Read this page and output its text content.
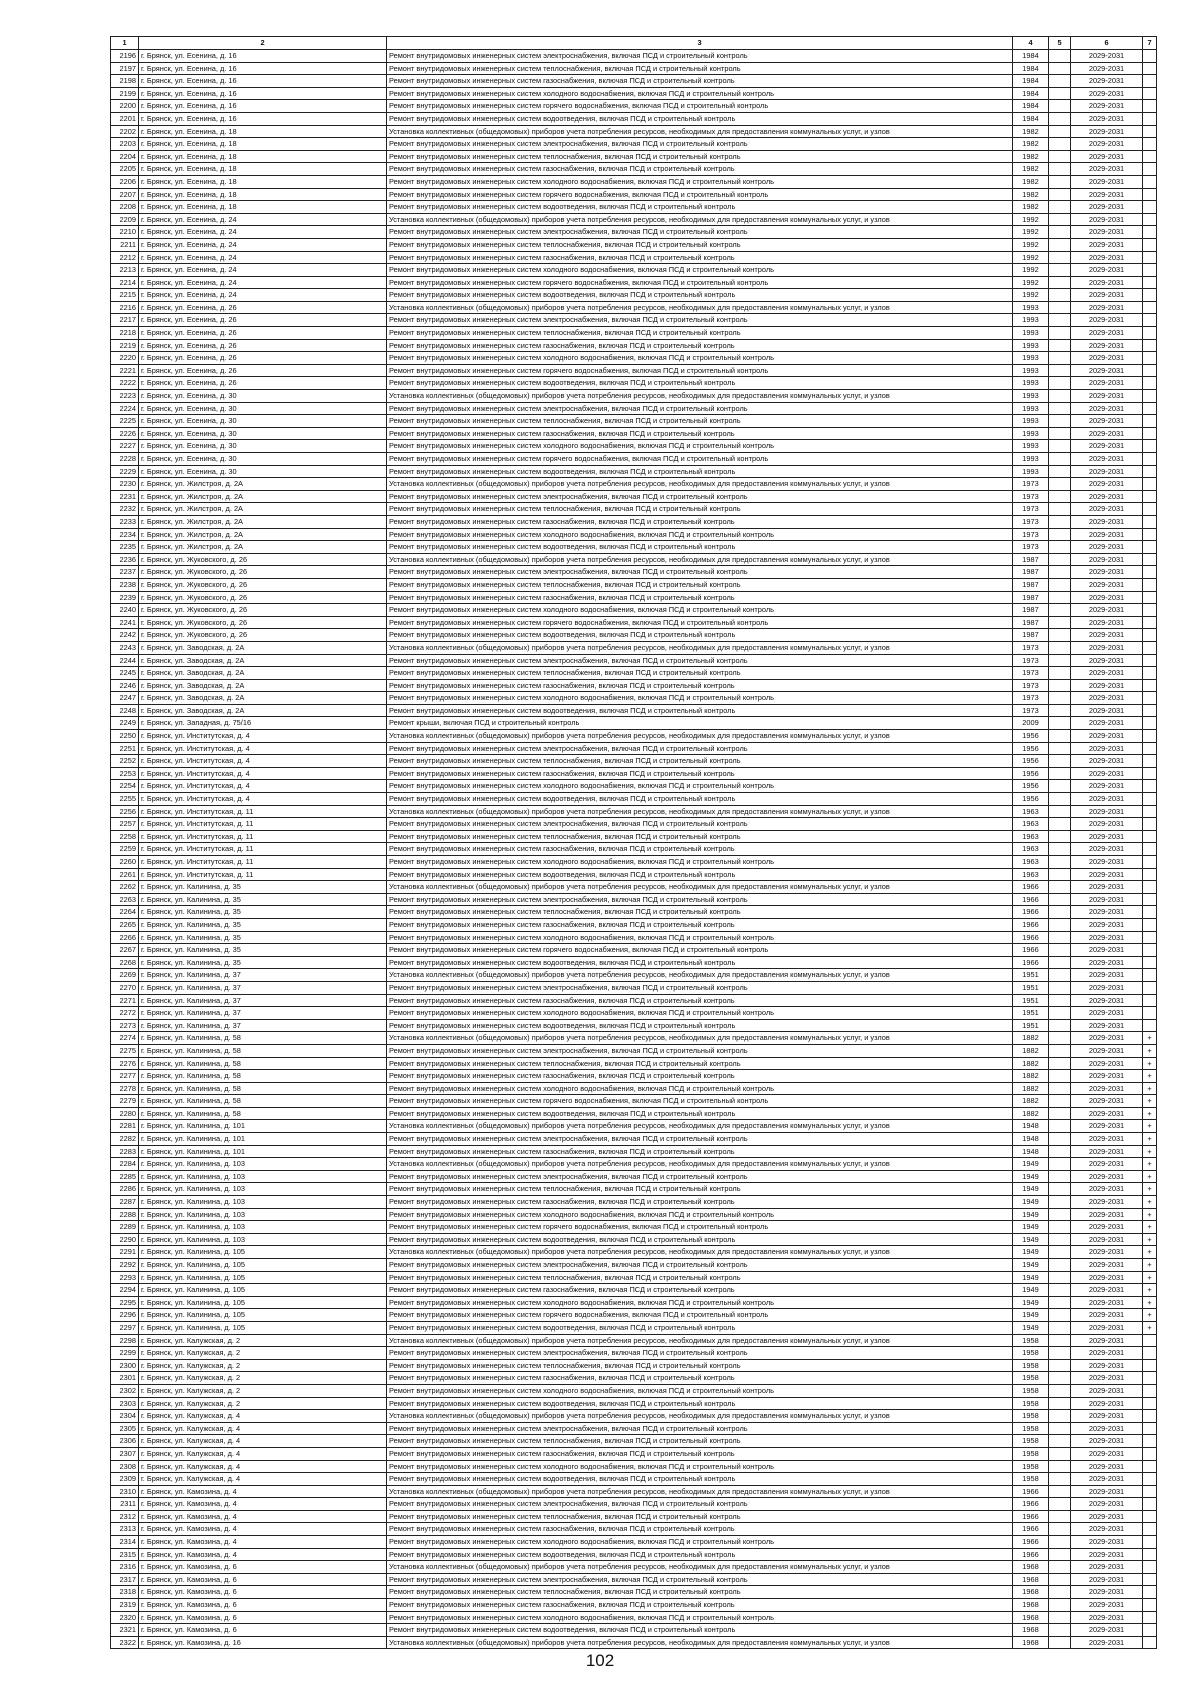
1	2	3	4	5	6	7
2196	г. Брянск, ул. Есенина, д. 16	Ремонт внутридомовых инженерных систем электроснабжения, включая ПСД и строительный контроль	1984		2029-2031	
2197	г. Брянск, ул. Есенина, д. 16	Ремонт внутридомовых инженерных систем теплоснабжения, включая ПСД и строительный контроль	1984		2029-2031	
2198	г. Брянск, ул. Есенина, д. 16	Ремонт внутридомовых инженерных систем газоснабжения, включая ПСД и строительный контроль	1984		2029-2031	
2199	г. Брянск, ул. Есенина, д. 16	Ремонт внутридомовых инженерных систем холодного водоснабжения, включая ПСД и строительный контроль	1984		2029-2031	
2200	г. Брянск, ул. Есенина, д. 16	Ремонт внутридомовых инженерных систем горячего водоснабжения, включая ПСД и строительный контроль	1984		2029-2031	
2201	г. Брянск, ул. Есенина, д. 16	Ремонт внутридомовых инженерных систем водоотведения, включая ПСД и строительный контроль	1984		2029-2031	
2202	г. Брянск, ул. Есенина, д. 18	Установка коллективных (общедомовых) приборов учета потребления ресурсов, необходимых для предоставления коммунальных услуг, и узлов	1982		2029-2031	
2203	г. Брянск, ул. Есенина, д. 18	Ремонт внутридомовых инженерных систем электроснабжения, включая ПСД и строительный контроль	1982		2029-2031	
2204	г. Брянск, ул. Есенина, д. 18	Ремонт внутридомовых инженерных систем теплоснабжения, включая ПСД и строительный контроль	1982		2029-2031	
2205	г. Брянск, ул. Есенина, д. 18	Ремонт внутридомовых инженерных систем газоснабжения, включая ПСД и строительный контроль	1982		2029-2031	
2206	г. Брянск, ул. Есенина, д. 18	Ремонт внутридомовых инженерных систем холодного водоснабжения, включая ПСД и строительный контроль	1982		2029-2031	
2207	г. Брянск, ул. Есенина, д. 18	Ремонт внутридомовых инженерных систем горячего водоснабжения, включая ПСД и строительный контроль	1982		2029-2031	
2208	г. Брянск, ул. Есенина, д. 18	Ремонт внутридомовых инженерных систем водоотведения, включая ПСД и строительный контроль	1982		2029-2031	
2209	г. Брянск, ул. Есенина, д. 24	Установка коллективных (общедомовых) приборов учета потребления ресурсов, необходимых для предоставления коммунальных услуг, и узлов	1992		2029-2031	
2210	г. Брянск, ул. Есенина, д. 24	Ремонт внутридомовых инженерных систем электроснабжения, включая ПСД и строительный контроль	1992		2029-2031	
2211	г. Брянск, ул. Есенина, д. 24	Ремонт внутридомовых инженерных систем теплоснабжения, включая ПСД и строительный контроль	1992		2029-2031	
2212	г. Брянск, ул. Есенина, д. 24	Ремонт внутридомовых инженерных систем газоснабжения, включая ПСД и строительный контроль	1992		2029-2031	
2213	г. Брянск, ул. Есенина, д. 24	Ремонт внутридомовых инженерных систем холодного водоснабжения, включая ПСД и строительный контроль	1992		2029-2031	
2214	г. Брянск, ул. Есенина, д. 24	Ремонт внутридомовых инженерных систем горячего водоснабжения, включая ПСД и строительный контроль	1992		2029-2031	
2215	г. Брянск, ул. Есенина, д. 24	Ремонт внутридомовых инженерных систем водоотведения, включая ПСД и строительный контроль	1992		2029-2031	
2216	г. Брянск, ул. Есенина, д. 26	Установка коллективных (общедомовых) приборов учета потребления ресурсов, необходимых для предоставления коммунальных услуг, и узлов	1993		2029-2031	
2217	г. Брянск, ул. Есенина, д. 26	Ремонт внутридомовых инженерных систем электроснабжения, включая ПСД и строительный контроль	1993		2029-2031	
2218	г. Брянск, ул. Есенина, д. 26	Ремонт внутридомовых инженерных систем теплоснабжения, включая ПСД и строительный контроль	1993		2029-2031	
2219	г. Брянск, ул. Есенина, д. 26	Ремонт внутридомовых инженерных систем газоснабжения, включая ПСД и строительный контроль	1993		2029-2031	
2220	г. Брянск, ул. Есенина, д. 26	Ремонт внутридомовых инженерных систем холодного водоснабжения, включая ПСД и строительный контроль	1993		2029-2031	
2221	г. Брянск, ул. Есенина, д. 26	Ремонт внутридомовых инженерных систем горячего водоснабжения, включая ПСД и строительный контроль	1993		2029-2031	
2222	г. Брянск, ул. Есенина, д. 26	Ремонт внутридомовых инженерных систем водоотведения, включая ПСД и строительный контроль	1993		2029-2031	
2223	г. Брянск, ул. Есенина, д. 30	Установка коллективных (общедомовых) приборов учета потребления ресурсов, необходимых для предоставления коммунальных услуг, и узлов	1993		2029-2031	
2224	г. Брянск, ул. Есенина, д. 30	Ремонт внутридомовых инженерных систем электроснабжения, включая ПСД и строительный контроль	1993		2029-2031	
2225	г. Брянск, ул. Есенина, д. 30	Ремонт внутридомовых инженерных систем теплоснабжения, включая ПСД и строительный контроль	1993		2029-2031	
2226	г. Брянск, ул. Есенина, д. 30	Ремонт внутридомовых инженерных систем газоснабжения, включая ПСД и строительный контроль	1993		2029-2031	
2227	г. Брянск, ул. Есенина, д. 30	Ремонт внутридомовых инженерных систем холодного водоснабжения, включая ПСД и строительный контроль	1993		2029-2031	
2228	г. Брянск, ул. Есенина, д. 30	Ремонт внутридомовых инженерных систем горячего водоснабжения, включая ПСД и строительный контроль	1993		2029-2031	
2229	г. Брянск, ул. Есенина, д. 30	Ремонт внутридомовых инженерных систем водоотведения, включая ПСД и строительный контроль	1993		2029-2031	
2230	г. Брянск, ул. Жилстроя, д. 2А	Установка коллективных (общедомовых) приборов учета потребления ресурсов, необходимых для предоставления коммунальных услуг, и узлов	1973		2029-2031	
2231	г. Брянск, ул. Жилстроя, д. 2А	Ремонт внутридомовых инженерных систем электроснабжения, включая ПСД и строительный контроль	1973		2029-2031	
2232	г. Брянск, ул. Жилстроя, д. 2А	Ремонт внутридомовых инженерных систем теплоснабжения, включая ПСД и строительный контроль	1973		2029-2031	
2233	г. Брянск, ул. Жилстроя, д. 2А	Ремонт внутридомовых инженерных систем газоснабжения, включая ПСД и строительный контроль	1973		2029-2031	
2234	г. Брянск, ул. Жилстроя, д. 2А	Ремонт внутридомовых инженерных систем холодного водоснабжения, включая ПСД и строительный контроль	1973		2029-2031	
2235	г. Брянск, ул. Жилстроя, д. 2А	Ремонт внутридомовых инженерных систем водоотведения, включая ПСД и строительный контроль	1973		2029-2031	
2236	г. Брянск, ул. Жуковского, д. 26	Установка коллективных (общедомовых) приборов учета потребления ресурсов, необходимых для предоставления коммунальных услуг, и узлов	1987		2029-2031	
2237	г. Брянск, ул. Жуковского, д. 26	Ремонт внутридомовых инженерных систем электроснабжения, включая ПСД и строительный контроль	1987		2029-2031	
2238	г. Брянск, ул. Жуковского, д. 26	Ремонт внутридомовых инженерных систем теплоснабжения, включая ПСД и строительный контроль	1987		2029-2031	
2239	г. Брянск, ул. Жуковского, д. 26	Ремонт внутридомовых инженерных систем газоснабжения, включая ПСД и строительный контроль	1987		2029-2031	
2240	г. Брянск, ул. Жуковского, д. 26	Ремонт внутридомовых инженерных систем холодного водоснабжения, включая ПСД и строительный контроль	1987		2029-2031	
2241	г. Брянск, ул. Жуковского, д. 26	Ремонт внутридомовых инженерных систем горячего водоснабжения, включая ПСД и строительный контроль	1987		2029-2031	
2242	г. Брянск, ул. Жуковского, д. 26	Ремонт внутридомовых инженерных систем водоотведения, включая ПСД и строительный контроль	1987		2029-2031	
2243	г. Брянск, ул. Заводская, д. 2А	Установка коллективных (общедомовых) приборов учета потребления ресурсов, необходимых для предоставления коммунальных услуг, и узлов	1973		2029-2031	
2244	г. Брянск, ул. Заводская, д. 2А	Ремонт внутридомовых инженерных систем электроснабжения, включая ПСД и строительный контроль	1973		2029-2031	
2245	г. Брянск, ул. Заводская, д. 2А	Ремонт внутридомовых инженерных систем теплоснабжения, включая ПСД и строительный контроль	1973		2029-2031	
2246	г. Брянск, ул. Заводская, д. 2А	Ремонт внутридомовых инженерных систем газоснабжения, включая ПСД и строительный контроль	1973		2029-2031	
2247	г. Брянск, ул. Заводская, д. 2А	Ремонт внутридомовых инженерных систем холодного водоснабжения, включая ПСД и строительный контроль	1973		2029-2031	
2248	г. Брянск, ул. Заводская, д. 2А	Ремонт внутридомовых инженерных систем водоотведения, включая ПСД и строительный контроль	1973		2029-2031	
2249	г. Брянск, ул. Западная, д. 75/16	Ремонт крыши, включая ПСД и строительный контроль	2009		2029-2031	
2250	г. Брянск, ул. Институтская, д. 4	Установка коллективных (общедомовых) приборов учета потребления ресурсов, необходимых для предоставления коммунальных услуг, и узлов	1956		2029-2031	
2251	г. Брянск, ул. Институтская, д. 4	Ремонт внутридомовых инженерных систем электроснабжения, включая ПСД и строительный контроль	1956		2029-2031	
2252	г. Брянск, ул. Институтская, д. 4	Ремонт внутридомовых инженерных систем теплоснабжения, включая ПСД и строительный контроль	1956		2029-2031	
2253	г. Брянск, ул. Институтская, д. 4	Ремонт внутридомовых инженерных систем газоснабжения, включая ПСД и строительный контроль	1956		2029-2031	
2254	г. Брянск, ул. Институтская, д. 4	Ремонт внутридомовых инженерных систем холодного водоснабжения, включая ПСД и строительный контроль	1956		2029-2031	
2255	г. Брянск, ул. Институтская, д. 4	Ремонт внутридомовых инженерных систем водоотведения, включая ПСД и строительный контроль	1956		2029-2031	
2256	г. Брянск, ул. Институтская, д. 11	Установка коллективных (общедомовых) приборов учета потребления ресурсов, необходимых для предоставления коммунальных услуг, и узлов	1963		2029-2031	
2257	г. Брянск, ул. Институтская, д. 11	Ремонт внутридомовых инженерных систем электроснабжения, включая ПСД и строительный контроль	1963		2029-2031	
2258	г. Брянск, ул. Институтская, д. 11	Ремонт внутридомовых инженерных систем теплоснабжения, включая ПСД и строительный контроль	1963		2029-2031	
2259	г. Брянск, ул. Институтская, д. 11	Ремонт внутридомовых инженерных систем газоснабжения, включая ПСД и строительный контроль	1963		2029-2031	
2260	г. Брянск, ул. Институтская, д. 11	Ремонт внутридомовых инженерных систем холодного водоснабжения, включая ПСД и строительный контроль	1963		2029-2031	
2261	г. Брянск, ул. Институтская, д. 11	Ремонт внутридомовых инженерных систем водоотведения, включая ПСД и строительный контроль	1963		2029-2031	
2262	г. Брянск, ул. Калинина, д. 35	Установка коллективных (общедомовых) приборов учета потребления ресурсов, необходимых для предоставления коммунальных услуг, и узлов	1966		2029-2031	
2263	г. Брянск, ул. Калинина, д. 35	Ремонт внутридомовых инженерных систем электроснабжения, включая ПСД и строительный контроль	1966		2029-2031	
2264	г. Брянск, ул. Калинина, д. 35	Ремонт внутридомовых инженерных систем теплоснабжения, включая ПСД и строительный контроль	1966		2029-2031	
2265	г. Брянск, ул. Калинина, д. 35	Ремонт внутридомовых инженерных систем газоснабжения, включая ПСД и строительный контроль	1966		2029-2031	
2266	г. Брянск, ул. Калинина, д. 35	Ремонт внутридомовых инженерных систем холодного водоснабжения, включая ПСД и строительный контроль	1966		2029-2031	
2267	г. Брянск, ул. Калинина, д. 35	Ремонт внутридомовых инженерных систем горячего водоснабжения, включая ПСД и строительный контроль	1966		2029-2031	
2268	г. Брянск, ул. Калинина, д. 35	Ремонт внутридомовых инженерных систем водоотведения, включая ПСД и строительный контроль	1966		2029-2031	
2269	г. Брянск, ул. Калинина, д. 37	Установка коллективных (общедомовых) приборов учета потребления ресурсов, необходимых для предоставления коммунальных услуг, и узлов	1951		2029-2031	
2270	г. Брянск, ул. Калинина, д. 37	Ремонт внутридомовых инженерных систем электроснабжения, включая ПСД и строительный контроль	1951		2029-2031	
2271	г. Брянск, ул. Калинина, д. 37	Ремонт внутридомовых инженерных систем газоснабжения, включая ПСД и строительный контроль	1951		2029-2031	
2272	г. Брянск, ул. Калинина, д. 37	Ремонт внутридомовых инженерных систем холодного водоснабжения, включая ПСД и строительный контроль	1951		2029-2031	
2273	г. Брянск, ул. Калинина, д. 37	Ремонт внутридомовых инженерных систем водоотведения, включая ПСД и строительный контроль	1951		2029-2031	
2274	г. Брянск, ул. Калинина, д. 58	Установка коллективных (общедомовых) приборов учета потребления ресурсов, необходимых для предоставления коммунальных услуг, и узлов	1882		2029-2031	+
2275	г. Брянск, ул. Калинина, д. 58	Ремонт внутридомовых инженерных систем электроснабжения, включая ПСД и строительный контроль	1882		2029-2031	+
2276	г. Брянск, ул. Калинина, д. 58	Ремонт внутридомовых инженерных систем теплоснабжения, включая ПСД и строительный контроль	1882		2029-2031	+
2277	г. Брянск, ул. Калинина, д. 58	Ремонт внутридомовых инженерных систем газоснабжения, включая ПСД и строительный контроль	1882		2029-2031	+
2278	г. Брянск, ул. Калинина, д. 58	Ремонт внутридомовых инженерных систем холодного водоснабжения, включая ПСД и строительный контроль	1882		2029-2031	+
2279	г. Брянск, ул. Калинина, д. 58	Ремонт внутридомовых инженерных систем горячего водоснабжения, включая ПСД и строительный контроль	1882		2029-2031	+
2280	г. Брянск, ул. Калинина, д. 58	Ремонт внутридомовых инженерных систем водоотведения, включая ПСД и строительный контроль	1882		2029-2031	+
2281	г. Брянск, ул. Калинина, д. 101	Установка коллективных (общедомовых) приборов учета потребления ресурсов, необходимых для предоставления коммунальных услуг, и узлов	1948		2029-2031	+
2282	г. Брянск, ул. Калинина, д. 101	Ремонт внутридомовых инженерных систем электроснабжения, включая ПСД и строительный контроль	1948		2029-2031	+
2283	г. Брянск, ул. Калинина, д. 101	Ремонт внутридомовых инженерных систем газоснабжения, включая ПСД и строительный контроль	1948		2029-2031	+
2284	г. Брянск, ул. Калинина, д. 103	Установка коллективных (общедомовых) приборов учета потребления ресурсов, необходимых для предоставления коммунальных услуг, и узлов	1949		2029-2031	+
2285	г. Брянск, ул. Калинина, д. 103	Ремонт внутридомовых инженерных систем электроснабжения, включая ПСД и строительный контроль	1949		2029-2031	+
2286	г. Брянск, ул. Калинина, д. 103	Ремонт внутридомовых инженерных систем теплоснабжения, включая ПСД и строительный контроль	1949		2029-2031	+
2287	г. Брянск, ул. Калинина, д. 103	Ремонт внутридомовых инженерных систем газоснабжения, включая ПСД и строительный контроль	1949		2029-2031	+
2288	г. Брянск, ул. Калинина, д. 103	Ремонт внутридомовых инженерных систем холодного водоснабжения, включая ПСД и строительный контроль	1949		2029-2031	+
2289	г. Брянск, ул. Калинина, д. 103	Ремонт внутридомовых инженерных систем горячего водоснабжения, включая ПСД и строительный контроль	1949		2029-2031	+
2290	г. Брянск, ул. Калинина, д. 103	Ремонт внутридомовых инженерных систем водоотведения, включая ПСД и строительный контроль	1949		2029-2031	+
2291	г. Брянск, ул. Калинина, д. 105	Установка коллективных (общедомовых) приборов учета потребления ресурсов, необходимых для предоставления коммунальных услуг, и узлов	1949		2029-2031	+
2292	г. Брянск, ул. Калинина, д. 105	Ремонт внутридомовых инженерных систем электроснабжения, включая ПСД и строительный контроль	1949		2029-2031	+
2293	г. Брянск, ул. Калинина, д. 105	Ремонт внутридомовых инженерных систем теплоснабжения, включая ПСД и строительный контроль	1949		2029-2031	+
2294	г. Брянск, ул. Калинина, д. 105	Ремонт внутридомовых инженерных систем газоснабжения, включая ПСД и строительный контроль	1949		2029-2031	+
2295	г. Брянск, ул. Калинина, д. 105	Ремонт внутридомовых инженерных систем холодного водоснабжения, включая ПСД и строительный контроль	1949		2029-2031	+
2296	г. Брянск, ул. Калинина, д. 105	Ремонт внутридомовых инженерных систем горячего водоснабжения, включая ПСД и строительный контроль	1949		2029-2031	+
2297	г. Брянск, ул. Калинина, д. 105	Ремонт внутридомовых инженерных систем водоотведения, включая ПСД и строительный контроль	1949		2029-2031	+
2298	г. Брянск, ул. Калужская, д. 2	Установка коллективных (общедомовых) приборов учета потребления ресурсов, необходимых для предоставления коммунальных услуг, и узлов	1958		2029-2031	
2299	г. Брянск, ул. Калужская, д. 2	Ремонт внутридомовых инженерных систем электроснабжения, включая ПСД и строительный контроль	1958		2029-2031	
2300	г. Брянск, ул. Калужская, д. 2	Ремонт внутридомовых инженерных систем теплоснабжения, включая ПСД и строительный контроль	1958		2029-2031	
2301	г. Брянск, ул. Калужская, д. 2	Ремонт внутридомовых инженерных систем газоснабжения, включая ПСД и строительный контроль	1958		2029-2031	
2302	г. Брянск, ул. Калужская, д. 2	Ремонт внутридомовых инженерных систем холодного водоснабжения, включая ПСД и строительный контроль	1958		2029-2031	
2303	г. Брянск, ул. Калужская, д. 2	Ремонт внутридомовых инженерных систем водоотведения, включая ПСД и строительный контроль	1958		2029-2031	
2304	г. Брянск, ул. Калужская, д. 4	Установка коллективных (общедомовых) приборов учета потребления ресурсов, необходимых для предоставления коммунальных услуг, и узлов	1958		2029-2031	
2305	г. Брянск, ул. Калужская, д. 4	Ремонт внутридомовых инженерных систем электроснабжения, включая ПСД и строительный контроль	1958		2029-2031	
2306	г. Брянск, ул. Калужская, д. 4	Ремонт внутридомовых инженерных систем теплоснабжения, включая ПСД и строительный контроль	1958		2029-2031	
2307	г. Брянск, ул. Калужская, д. 4	Ремонт внутридомовых инженерных систем газоснабжения, включая ПСД и строительный контроль	1958		2029-2031	
2308	г. Брянск, ул. Калужская, д. 4	Ремонт внутридомовых инженерных систем холодного водоснабжения, включая ПСД и строительный контроль	1958		2029-2031	
2309	г. Брянск, ул. Калужская, д. 4	Ремонт внутридомовых инженерных систем водоотведения, включая ПСД и строительный контроль	1958		2029-2031	
2310	г. Брянск, ул. Камозина, д. 4	Установка коллективных (общедомовых) приборов учета потребления ресурсов, необходимых для предоставления коммунальных услуг, и узлов	1966		2029-2031	
2311	г. Брянск, ул. Камозина, д. 4	Ремонт внутридомовых инженерных систем электроснабжения, включая ПСД и строительный контроль	1966		2029-2031	
2312	г. Брянск, ул. Камозина, д. 4	Ремонт внутридомовых инженерных систем теплоснабжения, включая ПСД и строительный контроль	1966		2029-2031	
2313	г. Брянск, ул. Камозина, д. 4	Ремонт внутридомовых инженерных систем газоснабжения, включая ПСД и строительный контроль	1966		2029-2031	
2314	г. Брянск, ул. Камозина, д. 4	Ремонт внутридомовых инженерных систем холодного водоснабжения, включая ПСД и строительный контроль	1966		2029-2031	
2315	г. Брянск, ул. Камозина, д. 4	Ремонт внутридомовых инженерных систем водоотведения, включая ПСД и строительный контроль	1966		2029-2031	
2316	г. Брянск, ул. Камозина, д. 6	Установка коллективных (общедомовых) приборов учета потребления ресурсов, необходимых для предоставления коммунальных услуг, и узлов	1968		2029-2031	
2317	г. Брянск, ул. Камозина, д. 6	Ремонт внутридомовых инженерных систем электроснабжения, включая ПСД и строительный контроль	1968		2029-2031	
2318	г. Брянск, ул. Камозина, д. 6	Ремонт внутридомовых инженерных систем теплоснабжения, включая ПСД и строительный контроль	1968		2029-2031	
2319	г. Брянск, ул. Камозина, д. 6	Ремонт внутридомовых инженерных систем газоснабжения, включая ПСД и строительный контроль	1968		2029-2031	
2320	г. Брянск, ул. Камозина, д. 6	Ремонт внутридомовых инженерных систем холодного водоснабжения, включая ПСД и строительный контроль	1968		2029-2031	
2321	г. Брянск, ул. Камозина, д. 6	Ремонт внутридомовых инженерных систем водоотведения, включая ПСД и строительный контроль	1968		2029-2031	
2322	г. Брянск, ул. Камозина, д. 16	Установка коллективных (общедомовых) приборов учета потребления ресурсов, необходимых для предоставления коммунальных услуг, и узлов	1968		2029-2031	
102
